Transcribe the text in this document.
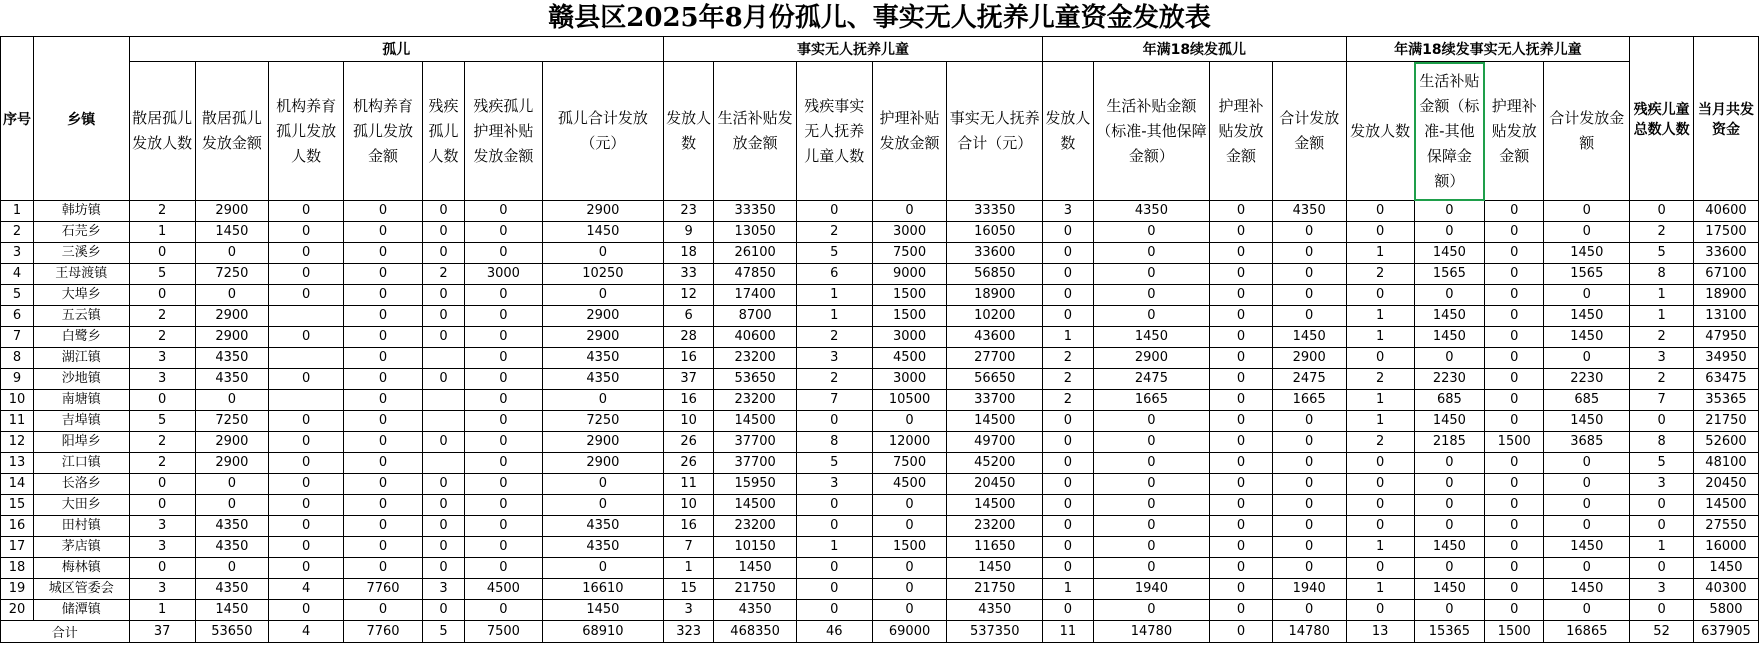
赣县区2025年8月份孤儿、事实无人抚养儿童资金发放表
序号	乡镇	孤儿							事实无人抚养儿童					年满18续发孤儿				年满18续发事实无人抚养儿童				残疾儿童总数人数	当月共发资金
		散居孤儿发放人数	散居孤儿 发放金额	机构养育孤儿发放人数	机构养育孤儿发放金额	残疾孤儿人数	残疾孤儿护理补贴发放金额	孤儿合计发放（元）	发放人数	生活补贴发放金额	残疾事实无人抚养儿童人数	护理补贴发放金额	事实无人抚养合计（元）	发放人数	生活补贴金额（标准-其他保障金额）	护理补贴发放金额	合计发放金额	发放人数	生活补贴金额（标准-其他保障金额）	护理补贴发放金额	合计发放金额		
1	韩坊镇	2	2900	0	0	0	0	2900	23	33350	0	0	33350	3	4350	0	4350	0	0	0	0	0	40600
2	石芫乡	1	1450	0	0	0	0	1450	9	13050	2	3000	16050	0	0	0	0	0	0	0	0	2	17500
3	三溪乡	0	0	0	0	0	0	0	18	26100	5	7500	33600	0	0	0	0	1	1450	0	1450	5	33600
4	王母渡镇	5	7250	0	0	2	3000	10250	33	47850	6	9000	56850	0	0	0	0	2	1565	0	1565	8	67100
5	大埠乡	0	0	0	0	0	0	0	12	17400	1	1500	18900	0	0	0	0	0	0	0	0	1	18900
6	五云镇	2	2900		0	0	0	2900	6	8700	1	1500	10200	0	0	0	0	1	1450	0	1450	1	13100
7	白鹭乡	2	2900	0	0	0	0	2900	28	40600	2	3000	43600	1	1450	0	1450	1	1450	0	1450	2	47950
8	湖江镇	3	4350		0		0	4350	16	23200	3	4500	27700	2	2900	0	2900	0	0	0	0	3	34950
9	沙地镇	3	4350	0	0	0	0	4350	37	53650	2	3000	56650	2	2475	0	2475	2	2230	0	2230	2	63475
10	南塘镇	0	0		0		0	0	16	23200	7	10500	33700	2	1665	0	1665	1	685	0	685	7	35365
11	吉埠镇	5	7250	0	0		0	7250	10	14500	0	0	14500	0	0	0	0	1	1450	0	1450	0	21750
12	阳埠乡	2	2900	0	0	0	0	2900	26	37700	8	12000	49700	0	0	0	0	2	2185	1500	3685	8	52600
13	江口镇	2	2900	0	0		0	2900	26	37700	5	7500	45200	0	0	0	0	0	0	0	0	5	48100
14	长洛乡	0	0	0	0	0	0	0	11	15950	3	4500	20450	0	0	0	0	0	0	0	0	3	20450
15	大田乡	0	0	0	0	0	0	0	10	14500	0	0	14500	0	0	0	0	0	0	0	0	0	14500
16	田村镇	3	4350	0	0	0	0	4350	16	23200	0	0	23200	0	0	0	0	0	0	0	0	0	27550
17	茅店镇	3	4350	0	0	0	0	4350	7	10150	1	1500	11650	0	0	0	0	1	1450	0	1450	1	16000
18	梅林镇	0	0	0	0	0	0	0	1	1450	0	0	1450	0	0	0	0	0	0	0	0	0	1450
19	城区管委会	3	4350	4	7760	3	4500	16610	15	21750	0	0	21750	1	1940	0	1940	1	1450	0	1450	3	40300
20	储潭镇	1	1450	0	0	0	0	1450	3	4350	0	0	4350	0	0	0	0	0	0	0	0	0	5800
合计		37	53650	4	7760	5	7500	68910	323	468350	46	69000	537350	11	14780	0	14780	13	15365	1500	16865	52	637905
